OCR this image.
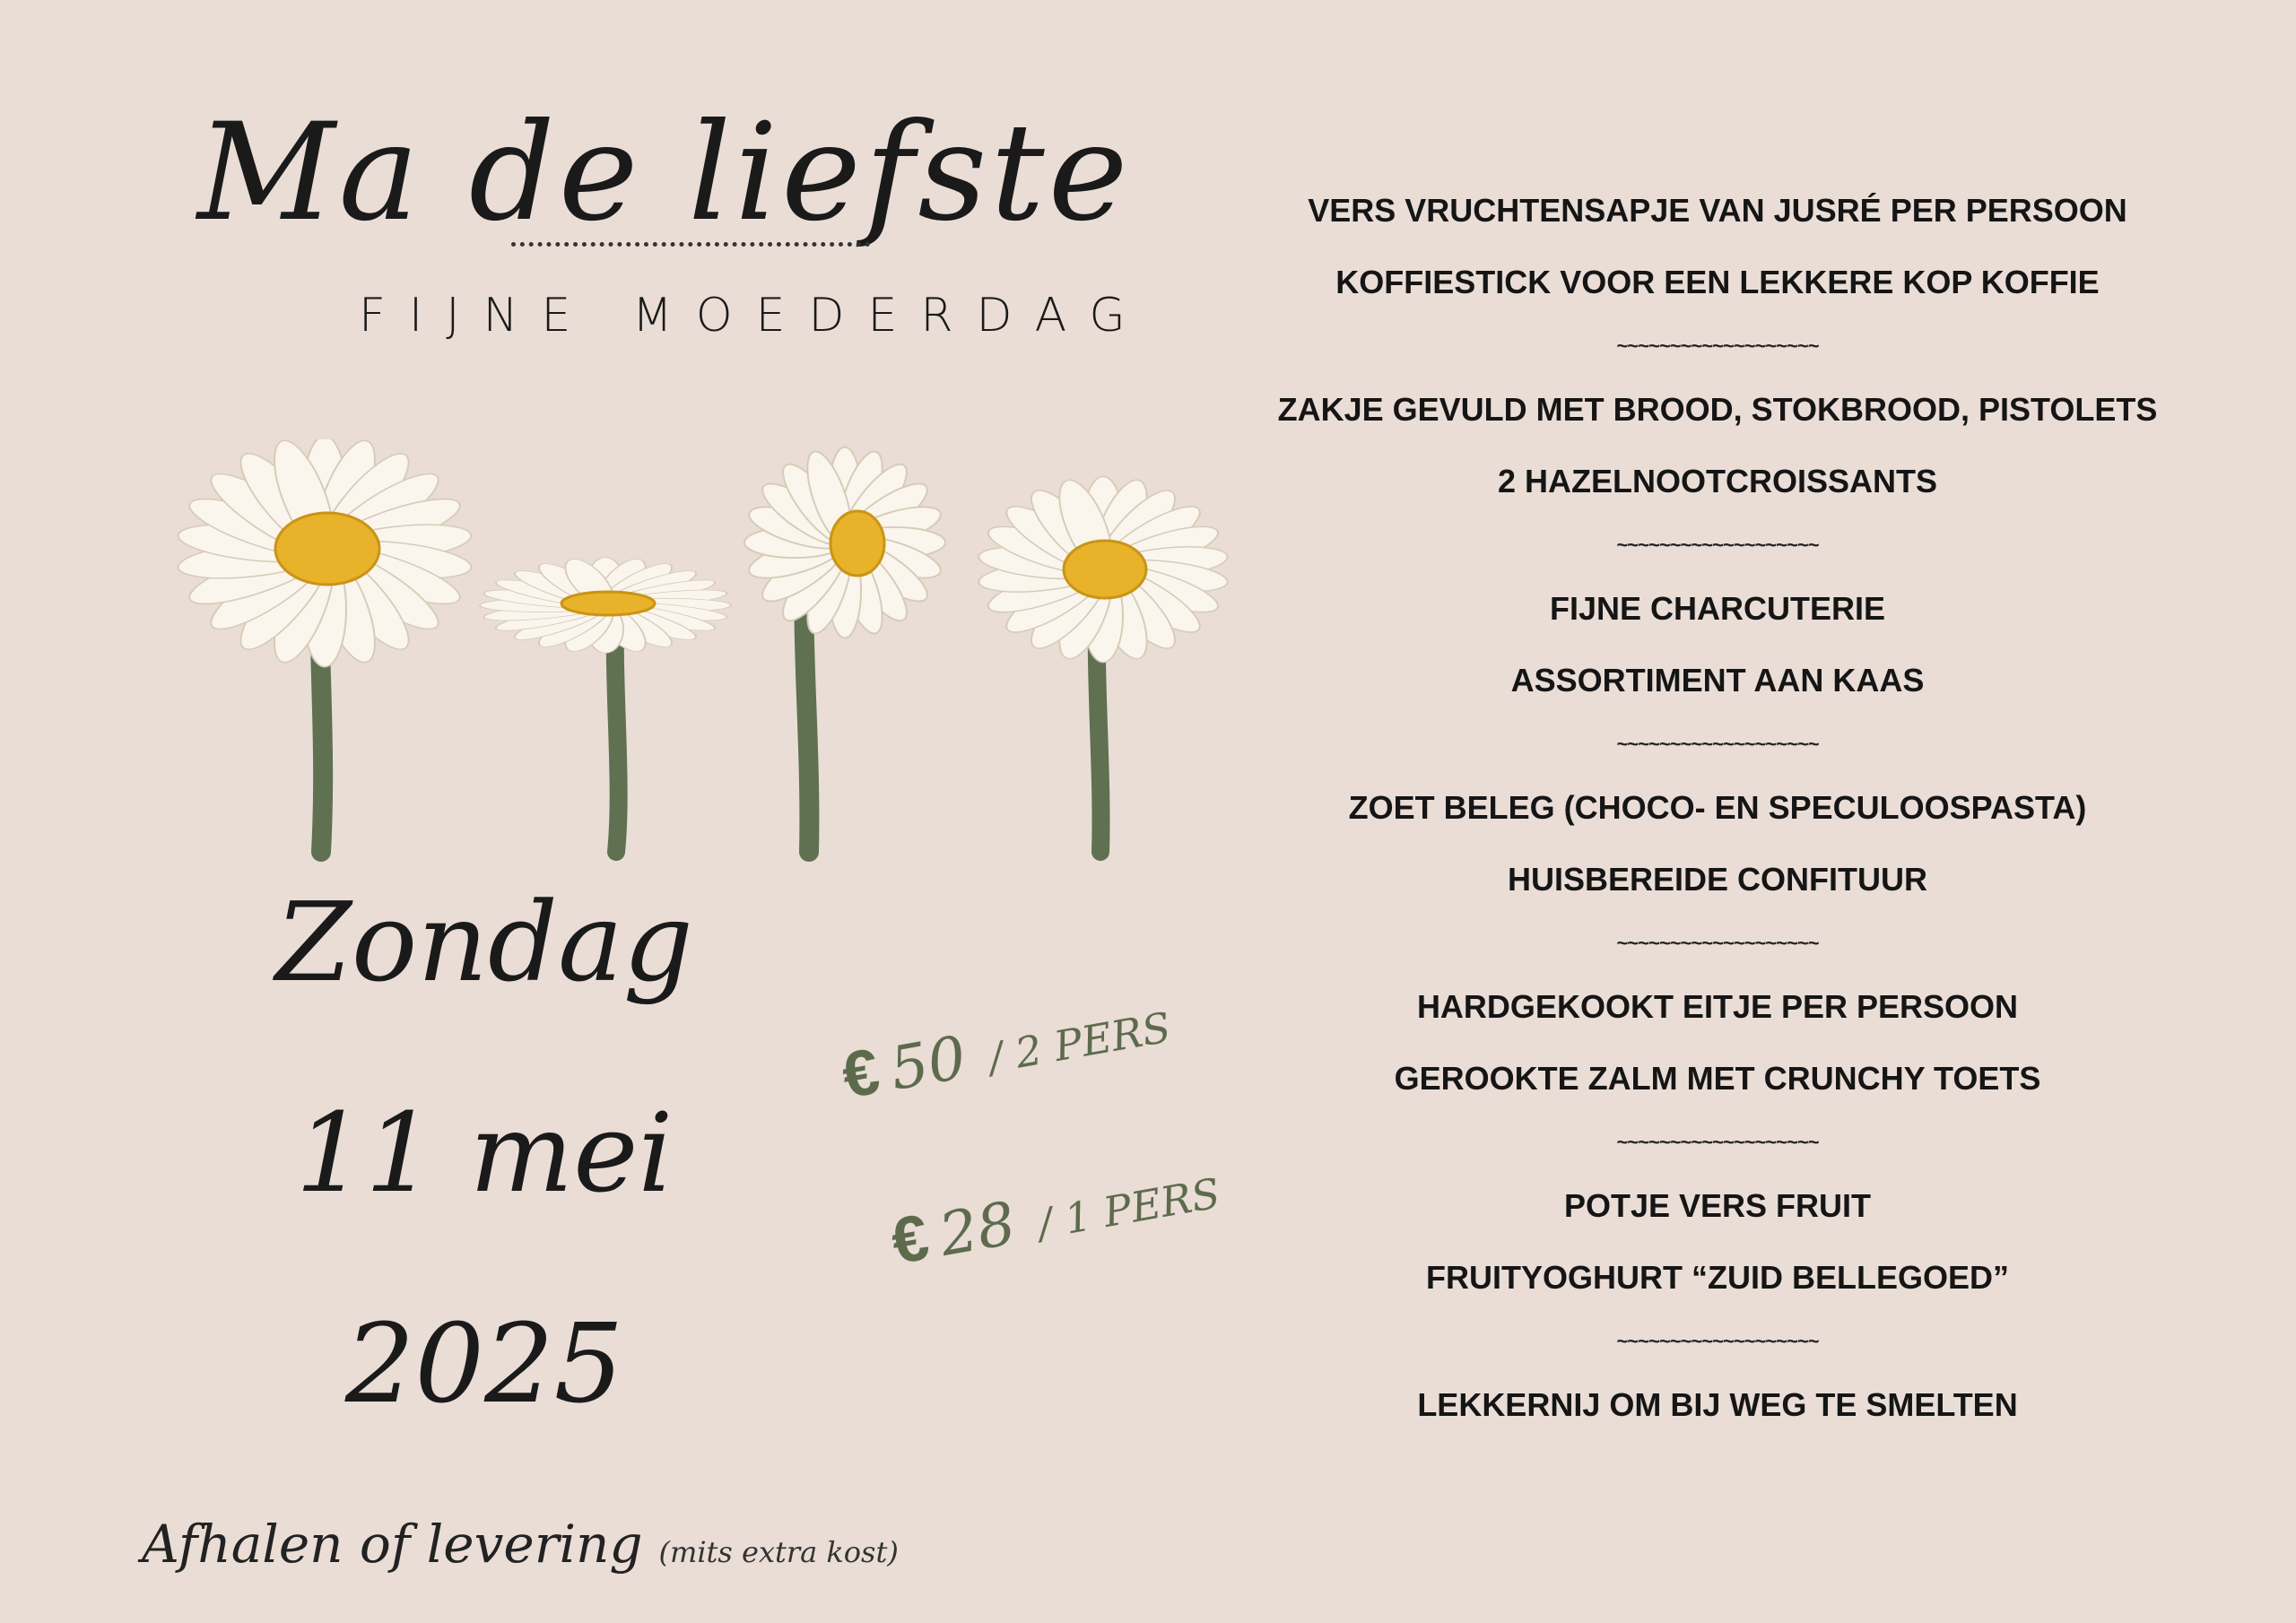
Ma de liefste
FIJNE MOEDERDAG
Zondag
11 mei
2025
€50 / 2 PERS
€28 / 1 PERS
Afhalen of levering (mits extra kost)
VERS VRUCHTENSAPJE VAN JUSRÉ PER PERSOON
KOFFIESTICK VOOR EEN LEKKERE KOP KOFFIE
~~~~~~~~~~~~~~~~~~~
ZAKJE GEVULD MET BROOD, STOKBROOD, PISTOLETS
2 HAZELNOOTCROISSANTS
~~~~~~~~~~~~~~~~~~~
FIJNE CHARCUTERIE
ASSORTIMENT AAN KAAS
~~~~~~~~~~~~~~~~~~~
ZOET BELEG (CHOCO- EN SPECULOOSPASTA)
HUISBEREIDE CONFITUUR
~~~~~~~~~~~~~~~~~~~
HARDGEKOOKT EITJE PER PERSOON
GEROOKTE ZALM MET CRUNCHY TOETS
~~~~~~~~~~~~~~~~~~~
POTJE VERS FRUIT
FRUITYOGHURT “ZUID BELLEGOED”
~~~~~~~~~~~~~~~~~~~
LEKKERNIJ OM BIJ WEG TE SMELTEN
